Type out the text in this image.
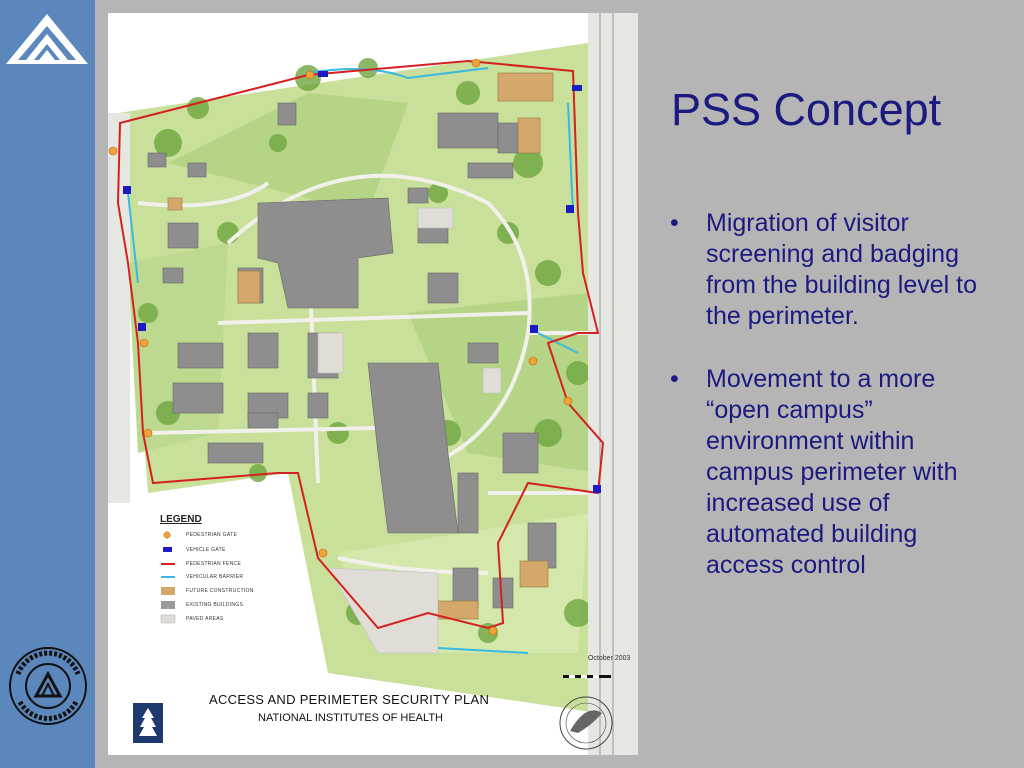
LEGEND
PEDESTRIAN GATE
VEHICLE GATE
PEDESTRIAN FENCE
VEHICULAR BARRIER
FUTURE CONSTRUCTION
EXISTING BUILDINGS
PAVED AREAS
October 2003
ACCESS AND PERIMETER SECURITY PLAN
NATIONAL INSTITUTES OF HEALTH
PSS Concept
• Migration of visitor screening and badging from the building level to the perimeter.
• Movement to a more “open campus” environment within campus perimeter with increased use of automated building access control
